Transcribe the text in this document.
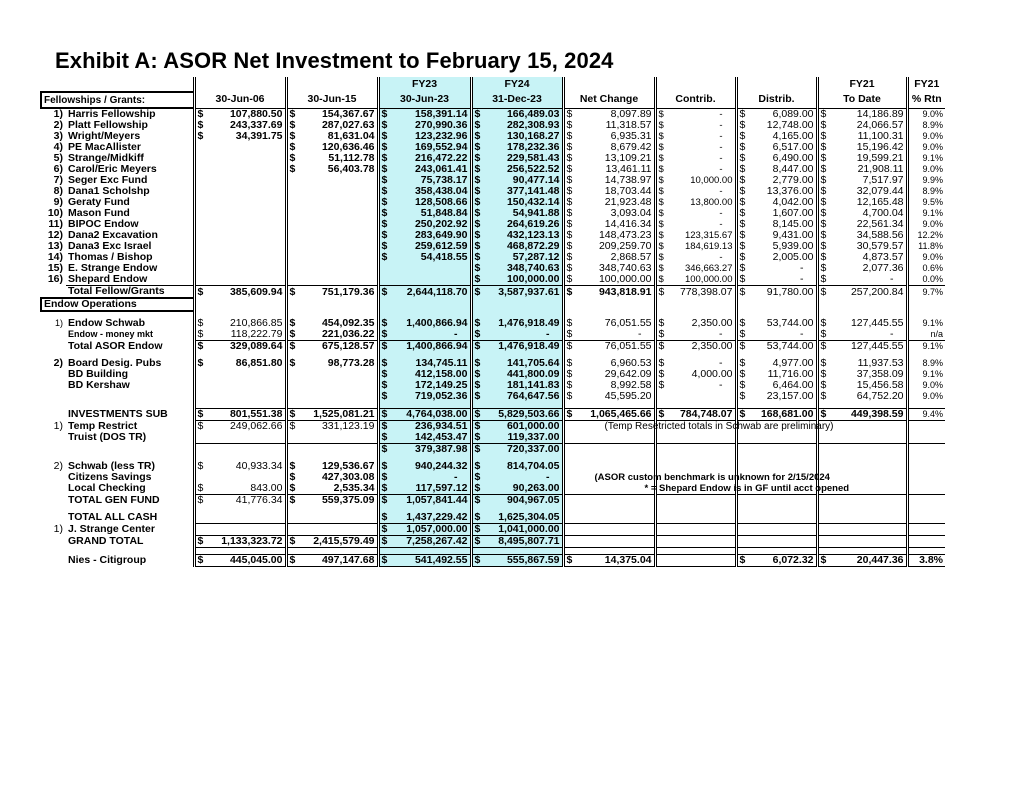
Exhibit A: ASOR Net Investment to February 15, 2024
				FY23	FY24				FY21	FY21
Fellowships / Grants:		30-Jun-06	30-Jun-15	30-Jun-23	31-Dec-23	Net Change	Contrib.	Distrib.	To Date	% Rtn
1)	Harris Fellowship	$ 107,880.50	$ 154,367.67	$ 158,391.14	$ 166,489.03	$ 8,097.89	$ -	$ 6,089.00	$ 14,186.89	9.0%
2)	Platt Fellowship	$ 243,337.69	$ 287,027.63	$ 270,990.36	$ 282,308.93	$ 11,318.57	$ -	$ 12,748.00	$ 24,066.57	8.9%
3)	Wright/Meyers	$ 34,391.75	$ 81,631.04	$ 123,232.96	$ 130,168.27	$ 6,935.31	$ -	$ 4,165.00	$ 11,100.31	9.0%
4)	PE MacAllister		$ 120,636.46	$ 169,552.94	$ 178,232.36	$ 8,679.42	$ -	$ 6,517.00	$ 15,196.42	9.0%
5)	Strange/Midkiff		$ 51,112.78	$ 216,472.22	$ 229,581.43	$ 13,109.21	$ -	$ 6,490.00	$ 19,599.21	9.1%
6)	Carol/Eric Meyers		$ 56,403.78	$ 243,061.41	$ 256,522.52	$ 13,461.11	$ -	$ 8,447.00	$ 21,908.11	9.0%
7)	Seger Exc Fund			$ 75,738.17	$ 90,477.14	$ 14,738.97	$ 10,000.00	$ 2,779.00	$ 7,517.97	9.9%
8)	Dana1 Scholshp			$ 358,438.04	$ 377,141.48	$ 18,703.44	$ -	$ 13,376.00	$ 32,079.44	8.9%
9)	Geraty Fund			$ 128,508.66	$ 150,432.14	$ 21,923.48	$ 13,800.00	$ 4,042.00	$ 12,165.48	9.5%
10)	Mason Fund			$ 51,848.84	$ 54,941.88	$ 3,093.04	$ -	$ 1,607.00	$ 4,700.04	9.1%
11)	BIPOC Endow			$ 250,202.92	$ 264,619.26	$ 14,416.34	$ -	$ 8,145.00	$ 22,561.34	9.0%
12)	Dana2 Excavation			$ 283,649.90	$ 432,123.13	$ 148,473.23	$ 123,315.67	$ 9,431.00	$ 34,588.56	12.2%
13)	Dana3 Exc Israel			$ 259,612.59	$ 468,872.29	$ 209,259.70	$ 184,619.13	$ 5,939.00	$ 30,579.57	11.8%
14)	Thomas / Bishop			$ 54,418.55	$ 57,287.12	$ 2,868.57	$ -	$ 2,005.00	$ 4,873.57	9.0%
15)	E. Strange Endow				$ 348,740.63	$ 348,740.63	$ 346,663.27	$ -	$ 2,077.36	0.6%
16)	Shepard Endow				$ 100,000.00	$ 100,000.00	$ 100,000.00	$ -	$ -	0.0%
	Total Fellow/Grants	$ 385,609.94	$ 751,179.36	$ 2,644,118.70	$ 3,587,937.61	$ 943,818.91	$ 778,398.07	$ 91,780.00	$ 257,200.84	9.7%
Endow Operations										

1)	Endow Schwab	$ 210,866.85	$ 454,092.35	$ 1,400,866.94	$ 1,476,918.49	$ 76,051.55	$ 2,350.00	$ 53,744.00	$ 127,445.55	9.1%
	Endow - money mkt	$ 118,222.79	$ 221,036.22	$ -	$ -	$ -	$ -	$ -	$ -	n/a
	Total ASOR Endow	$ 329,089.64	$ 675,128.57	$ 1,400,866.94	$ 1,476,918.49	$ 76,051.55	$ 2,350.00	$ 53,744.00	$ 127,445.55	9.1%

2)	Board Desig. Pubs	$ 86,851.80	$ 98,773.28	$ 134,745.11	$ 141,705.64	$ 6,960.53	$ -	$ 4,977.00	$ 11,937.53	8.9%
	BD Building			$ 412,158.00	$ 441,800.09	$ 29,642.09	$ 4,000.00	$ 11,716.00	$ 37,358.09	9.1%
	BD Kershaw			$ 172,149.25	$ 181,141.83	$ 8,992.58	$ -	$ 6,464.00	$ 15,456.58	9.0%

				$ 719,052.36	$ 764,647.56	$ 45,595.20		$ 23,157.00	$ 64,752.20	9.0%

	INVESTMENTS SUB	$ 801,551.38	$ 1,525,081.21	$ 4,764,038.00	$ 5,829,503.66	$ 1,065,465.66	$ 784,748.07	$ 168,681.00	$ 449,398.59	9.4%
1)	Temp Restrict	$ 249,062.66	$ 331,123.19	$ 236,934.51	$ 601,000.00	(Temp Resetricted totals in Schwab are preliminary)				

	Truist (DOS TR)			$ 142,453.47	$ 119,337.00					

				$ 379,387.98	$ 720,337.00					

2)	Schwab (less TR)	$ 40,933.34	$ 129,536.67	$ 940,244.32	$ 814,704.05					

	Citizens Savings		$ 427,303.08	$ -	$ -	(ASOR custom benchmark is unknown for 2/15/2024				

	Local Checking	$ 843.00	$ 2,535.34	$ 117,597.12	$ 90,263.00	* = Shepard Endow is in GF until acct opened				

	TOTAL GEN FUND	$ 41,776.34	$ 559,375.09	$ 1,057,841.44	$ 904,967.05					

	TOTAL ALL CASH			$ 1,437,229.42	$ 1,625,304.05					

1)	J. Strange Center			$ 1,057,000.00	$ 1,041,000.00					

	GRAND TOTAL	$ 1,133,323.72	$ 2,415,579.49	$ 7,258,267.42	$ 8,495,807.71					

	Nies - Citigroup	$ 445,045.00	$ 497,147.68	$ 541,492.55	$ 555,867.59	$ 14,375.04		$ 6,072.32	$ 20,447.36	3.8%
